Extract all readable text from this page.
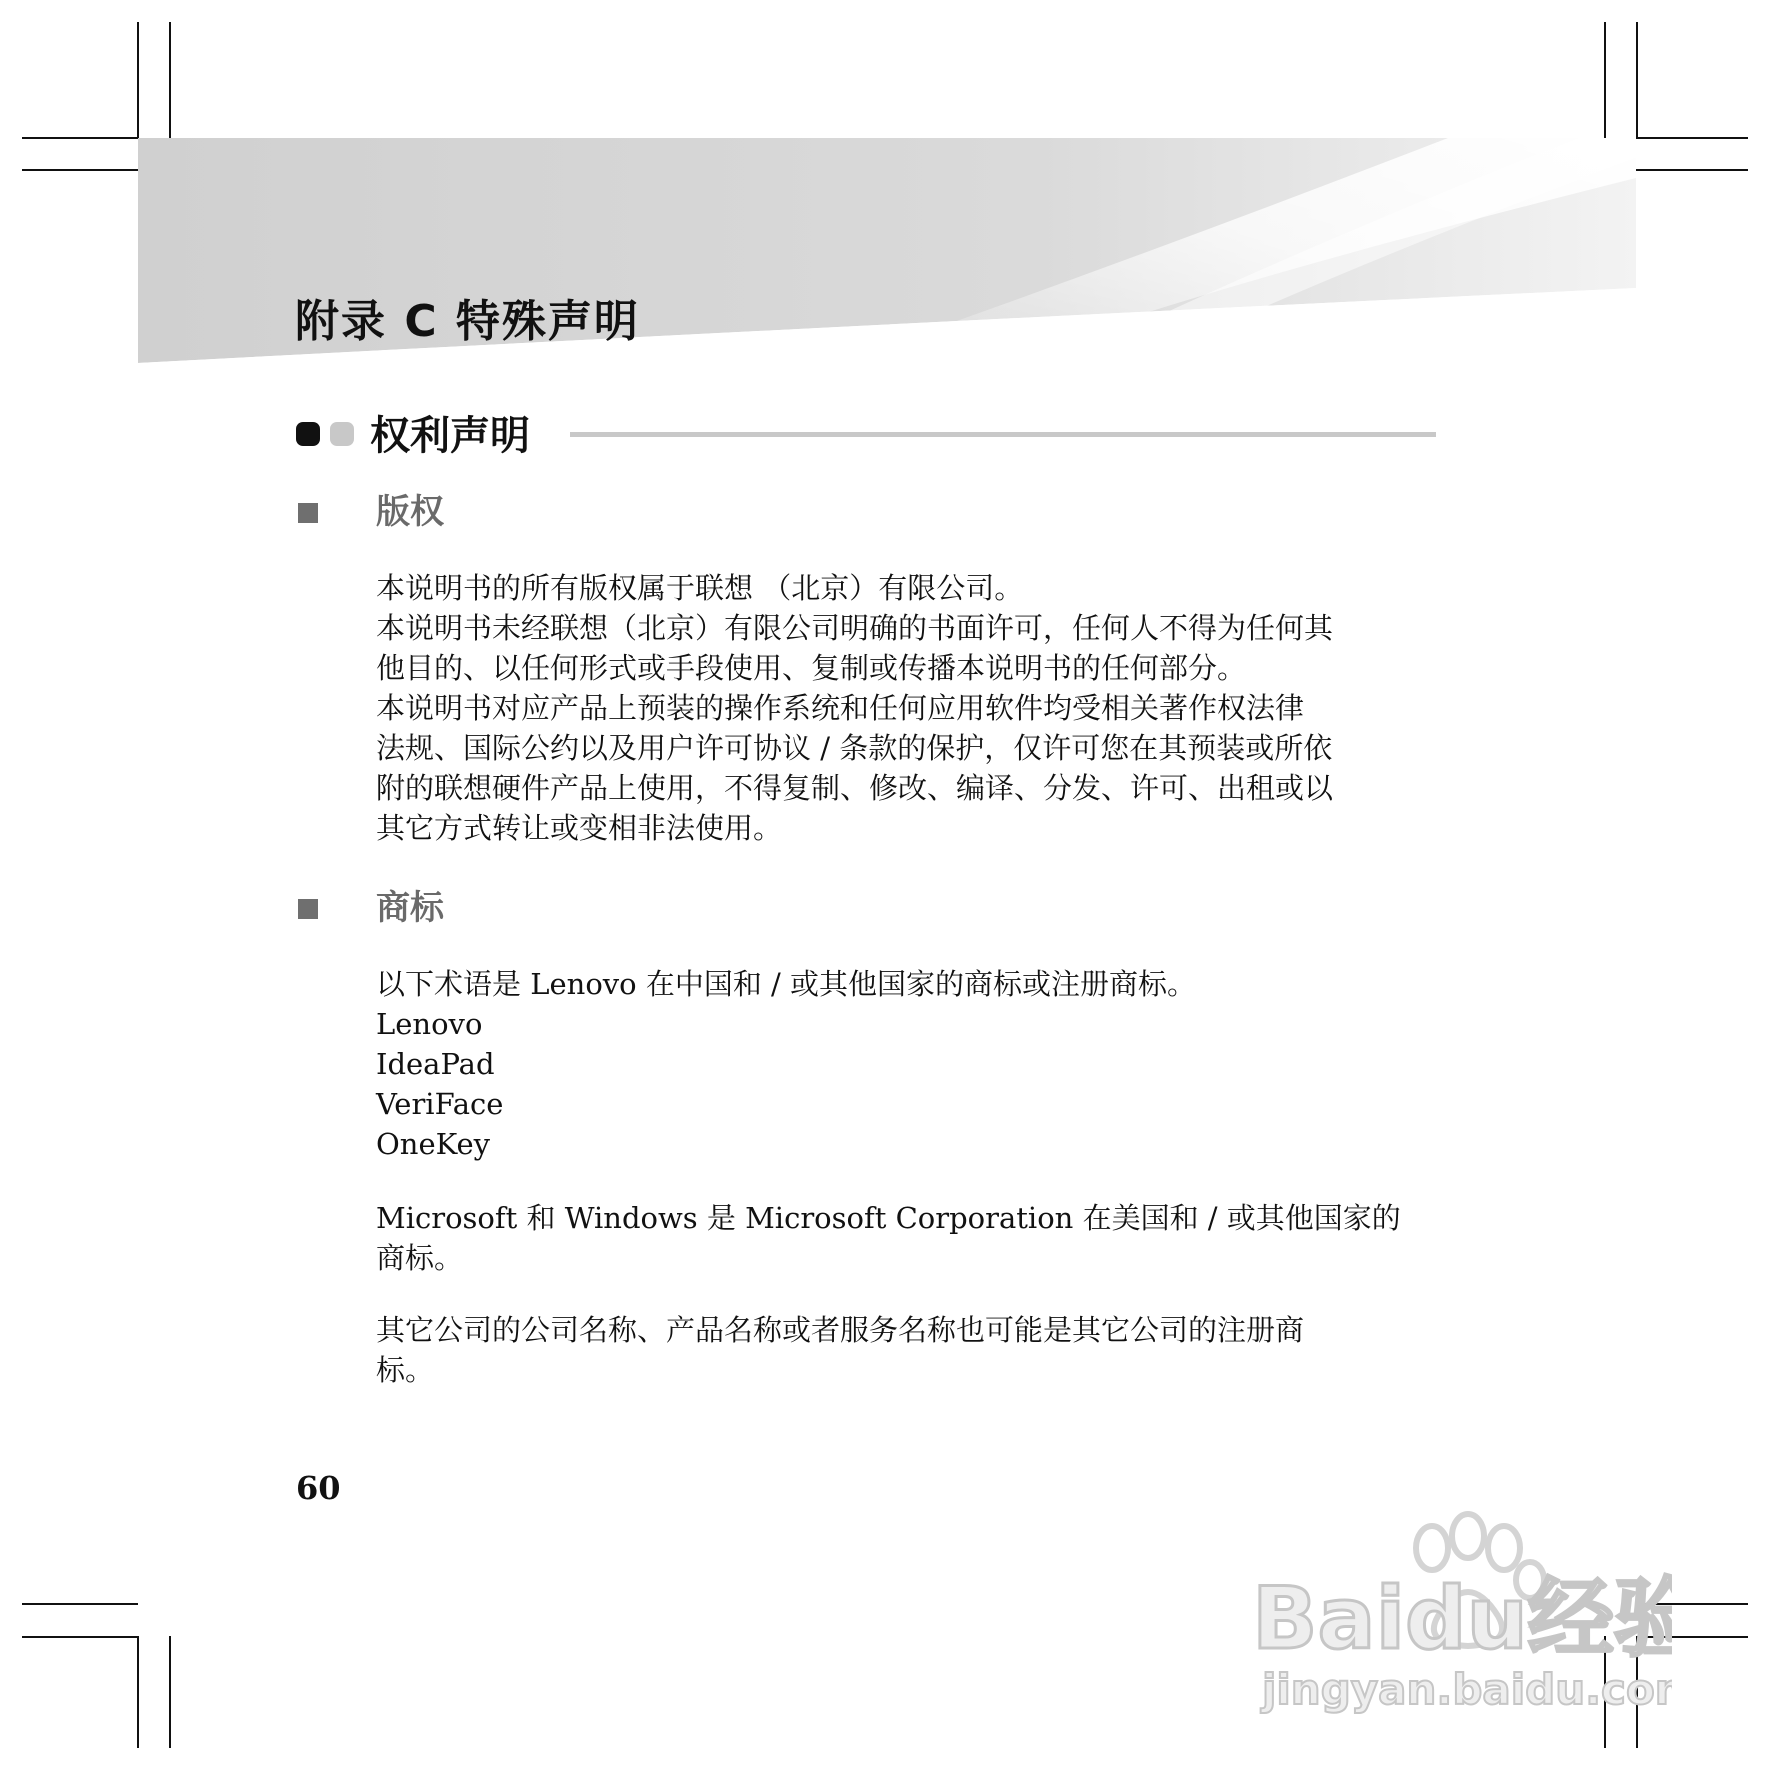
附录 C 特殊声明
权利声明
版权

本说明书的所有版权属于联想 （北京）有限公司。

本说明书未经联想（北京）有限公司明确的书面许可，任何人不得为任何其

他目的、以任何形式或手段使用、复制或传播本说明书的任何部分。

本说明书对应产品上预装的操作系统和任何应用软件均受相关著作权法律

法规、国际公约以及用户许可协议 / 条款的保护，仅许可您在其预装或所依

附的联想硬件产品上使用，不得复制、修改、编译、分发、许可、出租或以

其它方式转让或变相非法使用。

商标

以下术语是 Lenovo 在中国和 / 或其他国家的商标或注册商标。

Lenovo

IdeaPad

VeriFace

OneKey

Microsoft 和 Windows 是 Microsoft Corporation 在美国和 / 或其他国家的

商标。

其它公司的公司名称、产品名称或者服务名称也可能是其它公司的注册商

标。

60
Baidu经验
jingyan.baidu.com
